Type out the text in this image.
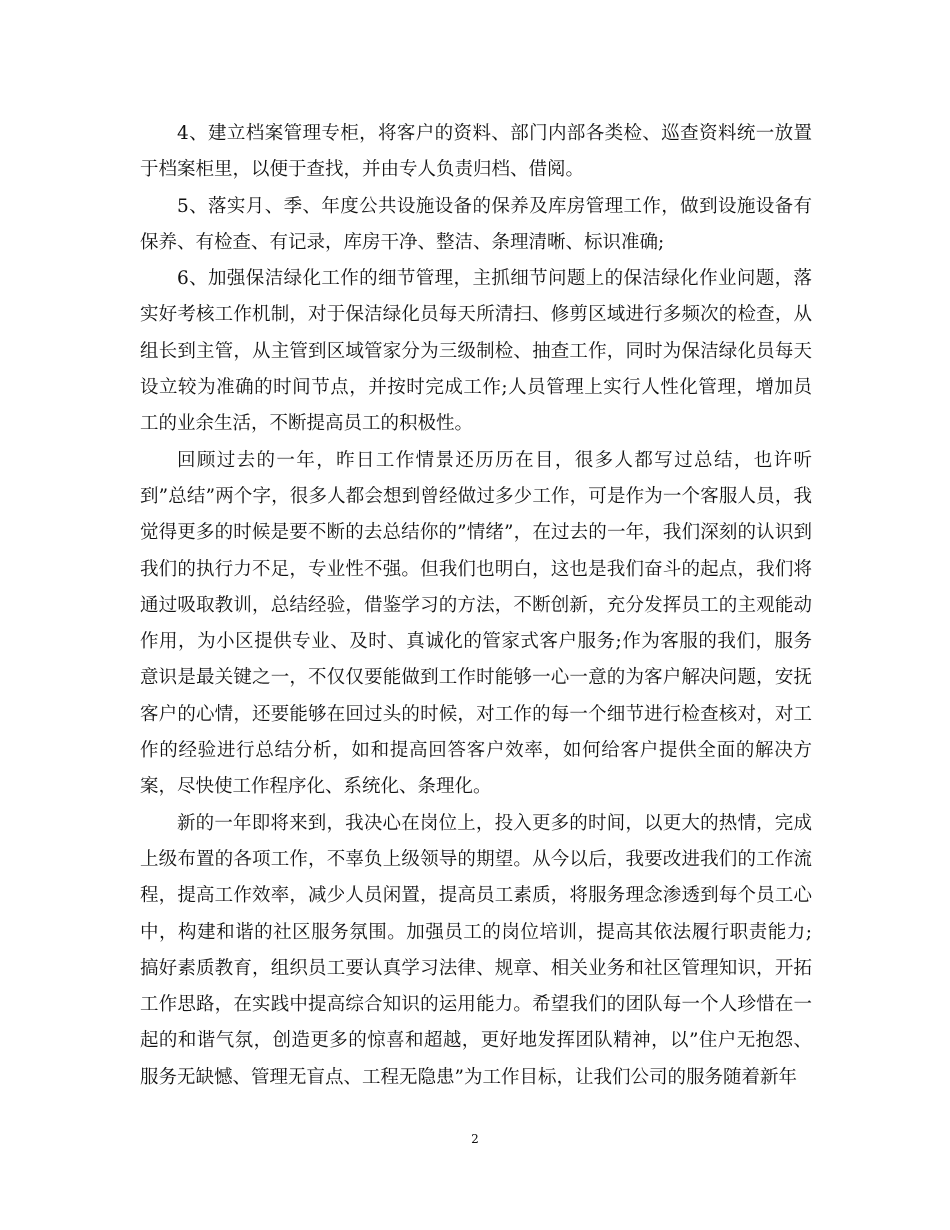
4、建立档案管理专柜，将客户的资料、部门内部各类检、巡查资料统一放置于档案柜里，以便于查找，并由专人负责归档、借阅。

5、落实月、季、年度公共设施设备的保养及库房管理工作，做到设施设备有保养、有检查、有记录，库房干净、整洁、条理清晰、标识准确;

6、加强保洁绿化工作的细节管理，主抓细节问题上的保洁绿化作业问题，落实好考核工作机制，对于保洁绿化员每天所清扫、修剪区域进行多频次的检查，从组长到主管，从主管到区域管家分为三级制检、抽查工作，同时为保洁绿化员每天设立较为准确的时间节点，并按时完成工作;人员管理上实行人性化管理，增加员工的业余生活，不断提高员工的积极性。

回顾过去的一年，昨日工作情景还历历在目，很多人都写过总结，也许听到”总结”两个字，很多人都会想到曾经做过多少工作，可是作为一个客服人员，我觉得更多的时候是要不断的去总结你的”情绪”，在过去的一年，我们深刻的认识到我们的执行力不足，专业性不强。但我们也明白，这也是我们奋斗的起点，我们将通过吸取教训，总结经验，借鉴学习的方法，不断创新，充分发挥员工的主观能动作用，为小区提供专业、及时、真诚化的管家式客户服务;作为客服的我们，服务意识是最关键之一，不仅仅要能做到工作时能够一心一意的为客户解决问题，安抚客户的心情，还要能够在回过头的时候，对工作的每一个细节进行检查核对，对工作的经验进行总结分析，如和提高回答客户效率，如何给客户提供全面的解决方案，尽快使工作程序化、系统化、条理化。

新的一年即将来到，我决心在岗位上，投入更多的时间，以更大的热情，完成上级布置的各项工作，不辜负上级领导的期望。从今以后，我要改进我们的工作流程，提高工作效率，减少人员闲置，提高员工素质，将服务理念渗透到每个员工心中，构建和谐的社区服务氛围。加强员工的岗位培训，提高其依法履行职责能力;搞好素质教育，组织员工要认真学习法律、规章、相关业务和社区管理知识，开拓工作思路，在实践中提高综合知识的运用能力。希望我们的团队每一个人珍惜在一起的和谐气氛，创造更多的惊喜和超越，更好地发挥团队精神，以”住户无抱怨、服务无缺憾、管理无盲点、工程无隐患”为工作目标，让我们公司的服务随着新年

2
